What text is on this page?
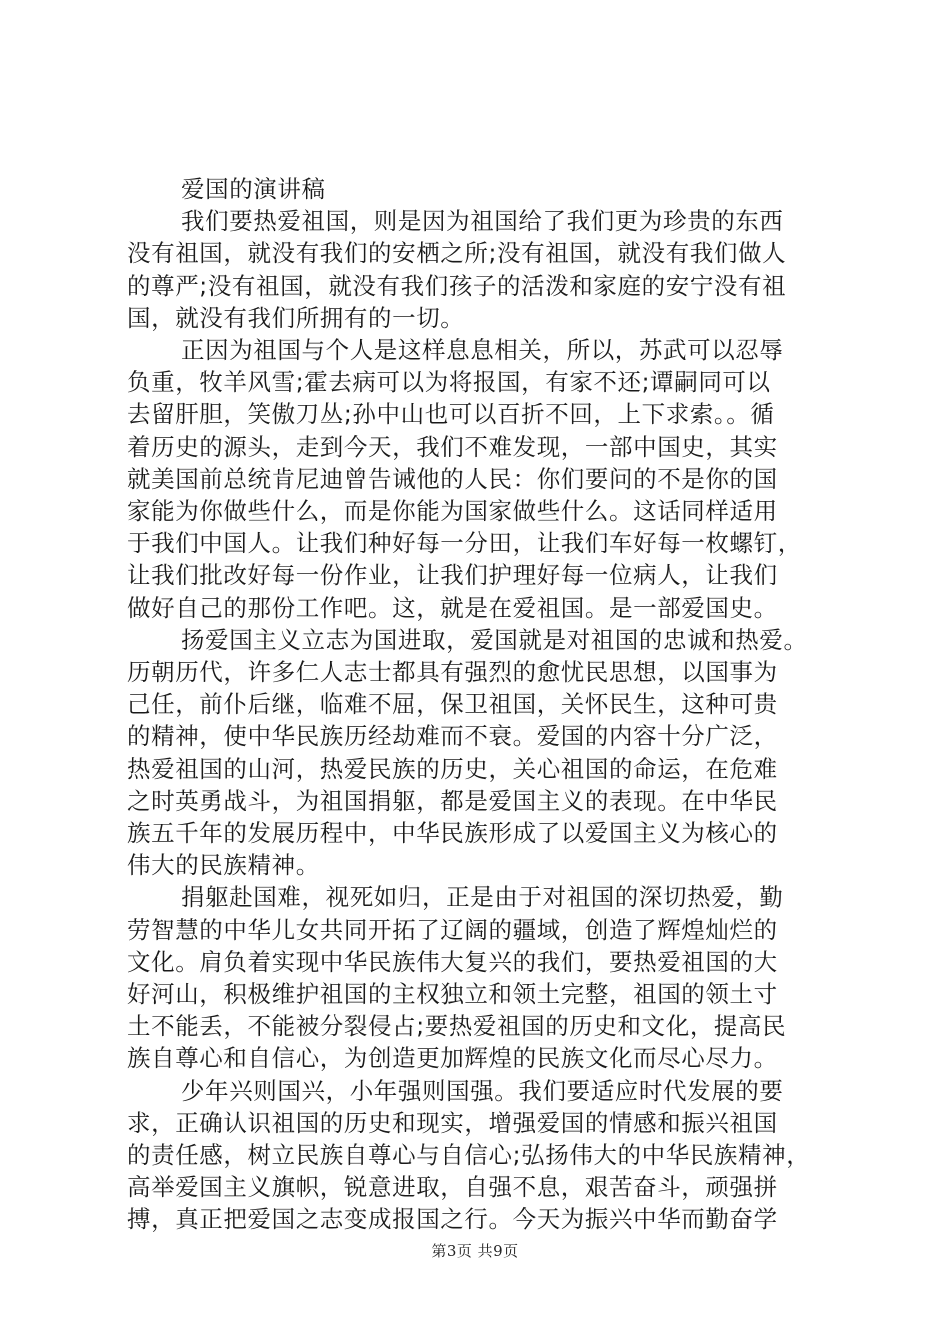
爱国的演讲稿
我们要热爱祖国，则是因为祖国给了我们更为珍贵的东西
没有祖国，就没有我们的安栖之所;没有祖国，就没有我们做人
的尊严;没有祖国，就没有我们孩子的活泼和家庭的安宁没有祖
国，就没有我们所拥有的一切。
正因为祖国与个人是这样息息相关，所以，苏武可以忍辱
负重，牧羊风雪;霍去病可以为将报国，有家不还;谭嗣同可以
去留肝胆，笑傲刀丛;孙中山也可以百折不回，上下求索。。循
着历史的源头，走到今天，我们不难发现，一部中国史，其实
就美国前总统肯尼迪曾告诫他的人民：你们要问的不是你的国
家能为你做些什么，而是你能为国家做些什么。这话同样适用
于我们中国人。让我们种好每一分田，让我们车好每一枚螺钉，
让我们批改好每一份作业，让我们护理好每一位病人，让我们
做好自己的那份工作吧。这，就是在爱祖国。是一部爱国史。
扬爱国主义立志为国进取，爱国就是对祖国的忠诚和热爱。
历朝历代，许多仁人志士都具有强烈的愈忧民思想，以国事为
己任，前仆后继，临难不屈，保卫祖国，关怀民生，这种可贵
的精神，使中华民族历经劫难而不衰。爱国的内容十分广泛，
热爱祖国的山河，热爱民族的历史，关心祖国的命运，在危难
之时英勇战斗，为祖国捐躯，都是爱国主义的表现。在中华民
族五千年的发展历程中，中华民族形成了以爱国主义为核心的
伟大的民族精神。
捐躯赴国难，视死如归，正是由于对祖国的深切热爱，勤
劳智慧的中华儿女共同开拓了辽阔的疆域，创造了辉煌灿烂的
文化。肩负着实现中华民族伟大复兴的我们，要热爱祖国的大
好河山，积极维护祖国的主权独立和领土完整，祖国的领土寸
土不能丢，不能被分裂侵占;要热爱祖国的历史和文化，提高民
族自尊心和自信心，为创造更加辉煌的民族文化而尽心尽力。
少年兴则国兴，小年强则国强。我们要适应时代发展的要
求，正确认识祖国的历史和现实，增强爱国的情感和振兴祖国
的责任感，树立民族自尊心与自信心;弘扬伟大的中华民族精神，
高举爱国主义旗帜，锐意进取，自强不息，艰苦奋斗，顽强拼
搏，真正把爱国之志变成报国之行。今天为振兴中华而勤奋学
第3页 共9页
